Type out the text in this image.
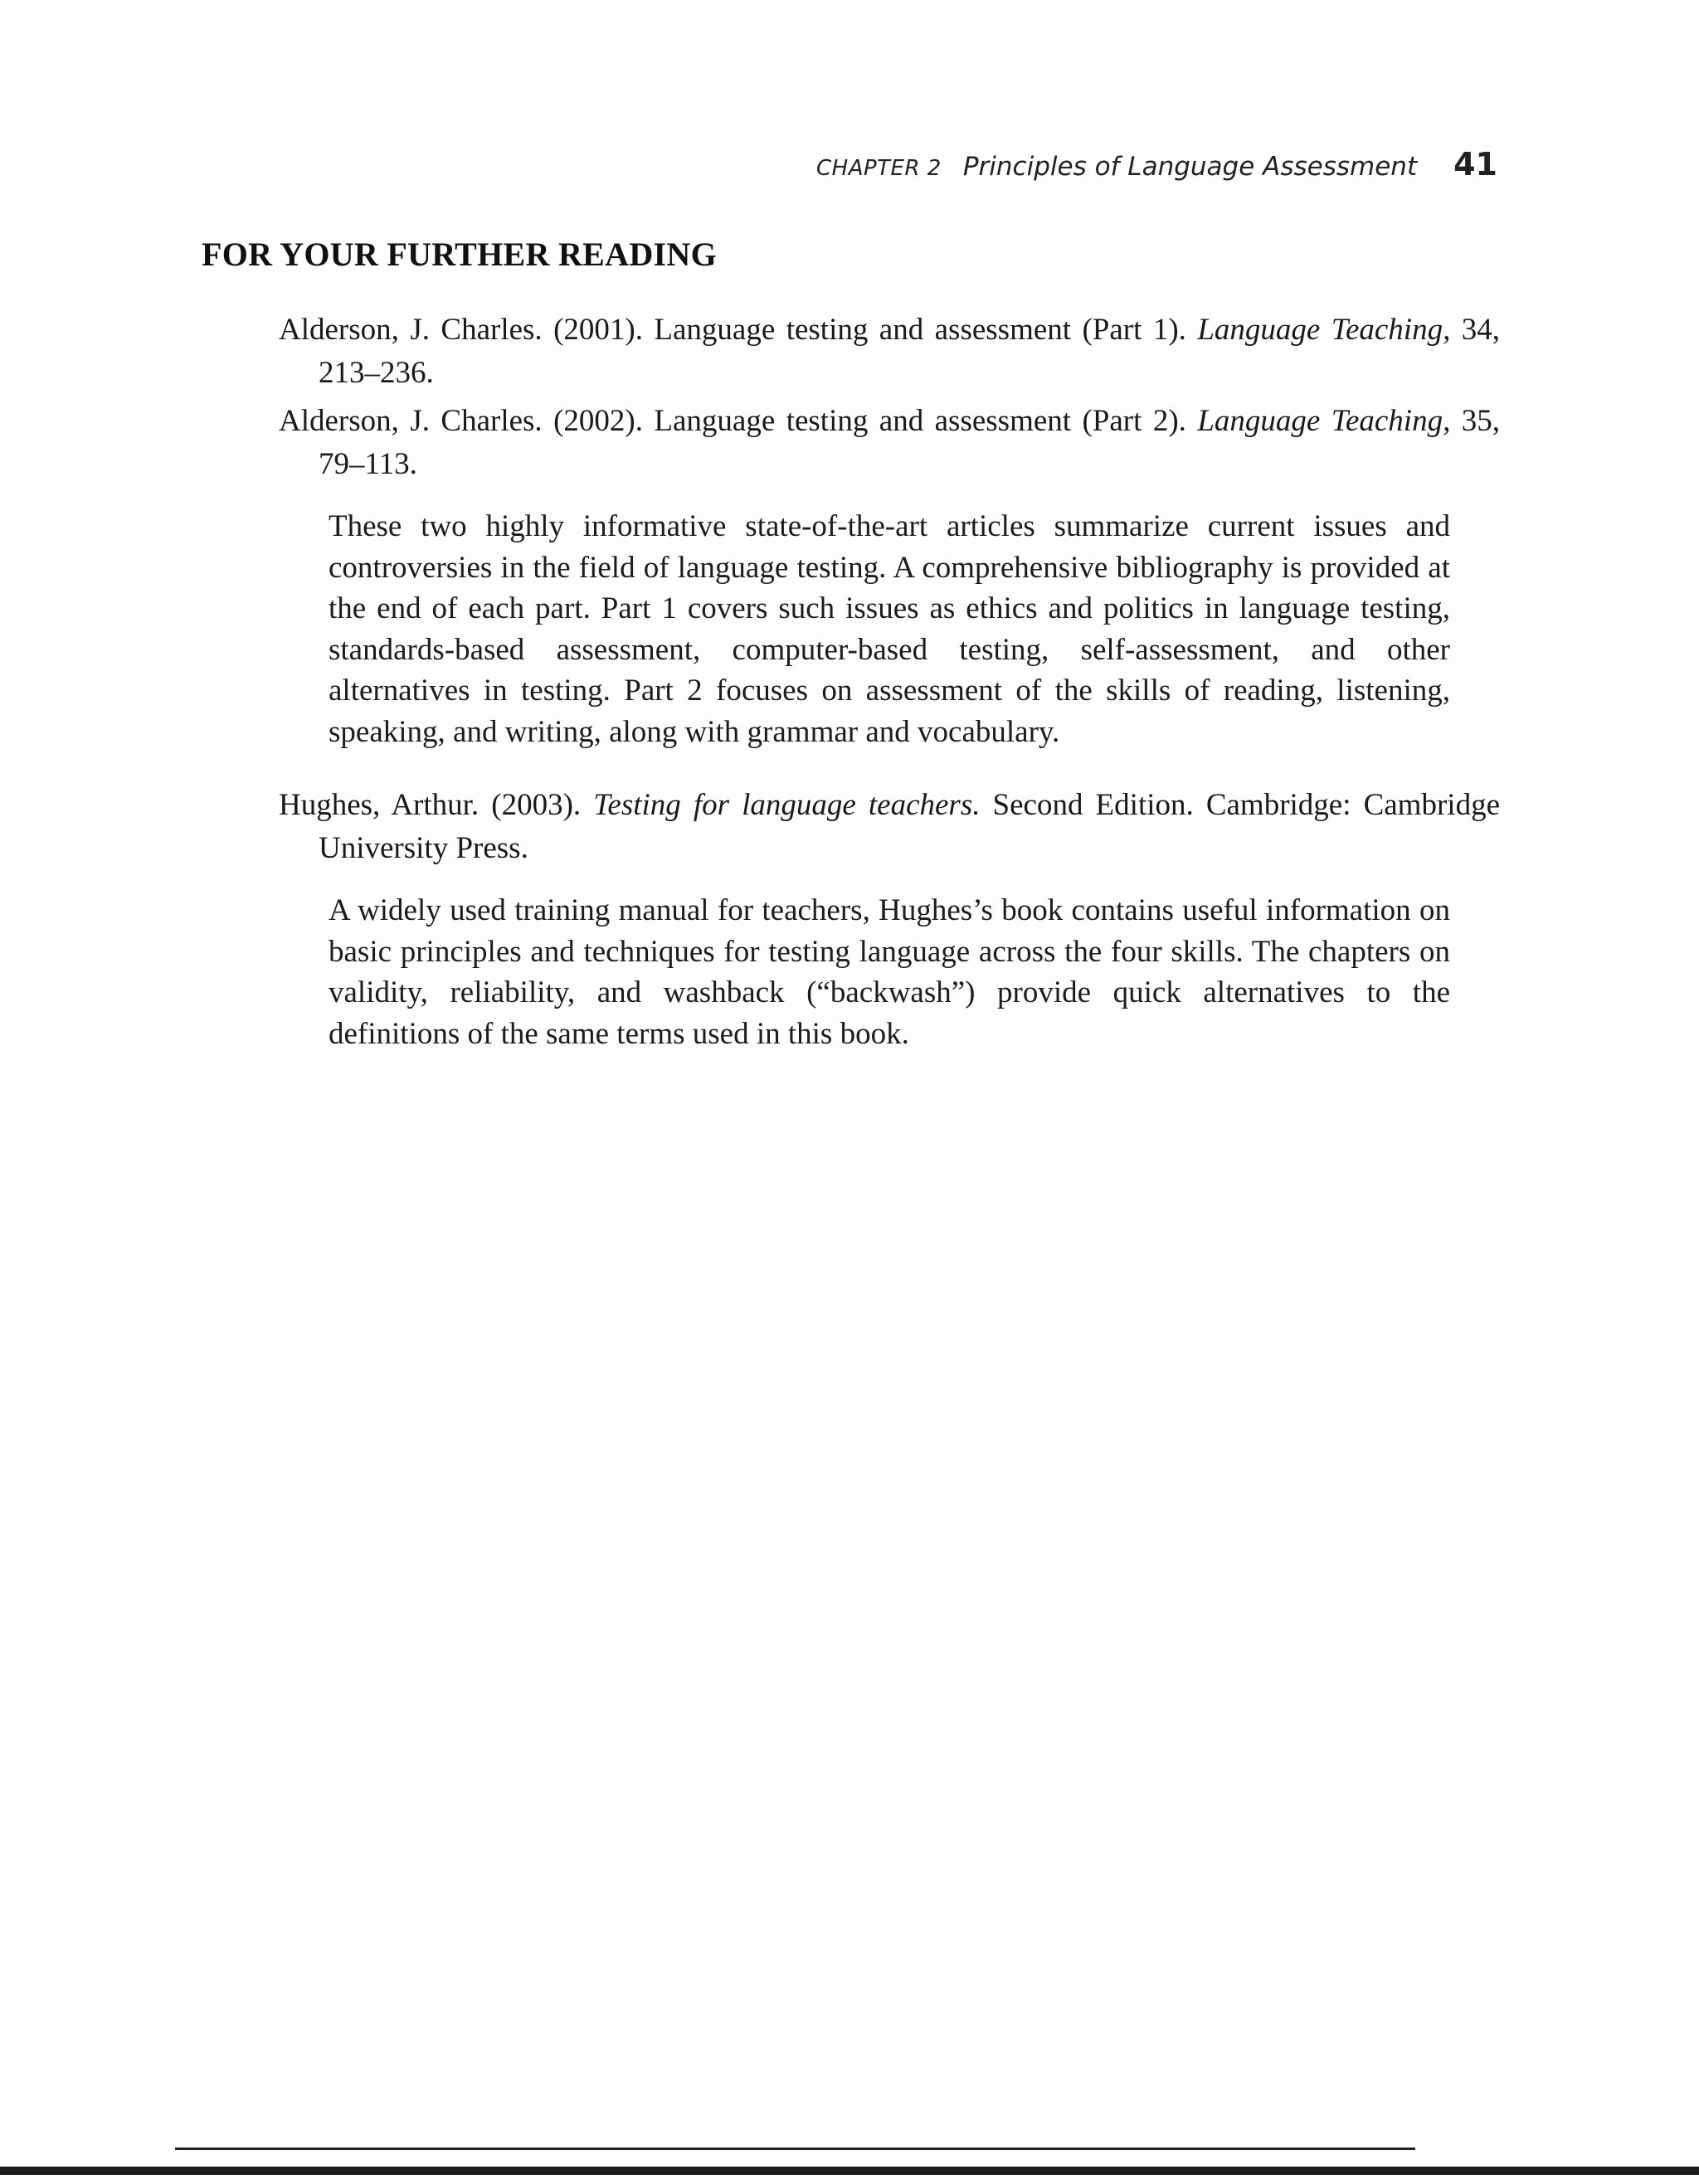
CHAPTER 2 Principles of Language Assessment 41
FOR YOUR FURTHER READING

Alderson, J. Charles. (2001). Language testing and assessment (Part 1). Language Teaching, 34, 213–236.

Alderson, J. Charles. (2002). Language testing and assessment (Part 2). Language Teaching, 35, 79–113.

These two highly informative state-of-the-art articles summarize current issues and controversies in the field of language testing. A comprehensive bibliography is provided at the end of each part. Part 1 covers such issues as ethics and politics in language testing, standards-based assessment, computer-based testing, self-assessment, and other alternatives in testing. Part 2 focuses on assessment of the skills of reading, listening, speaking, and writing, along with grammar and vocabulary.

Hughes, Arthur. (2003). Testing for language teachers. Second Edition. Cambridge: Cambridge University Press.

A widely used training manual for teachers, Hughes’s book contains useful information on basic principles and techniques for testing language across the four skills. The chapters on validity, reliability, and washback (“backwash”) provide quick alternatives to the definitions of the same terms used in this book.
